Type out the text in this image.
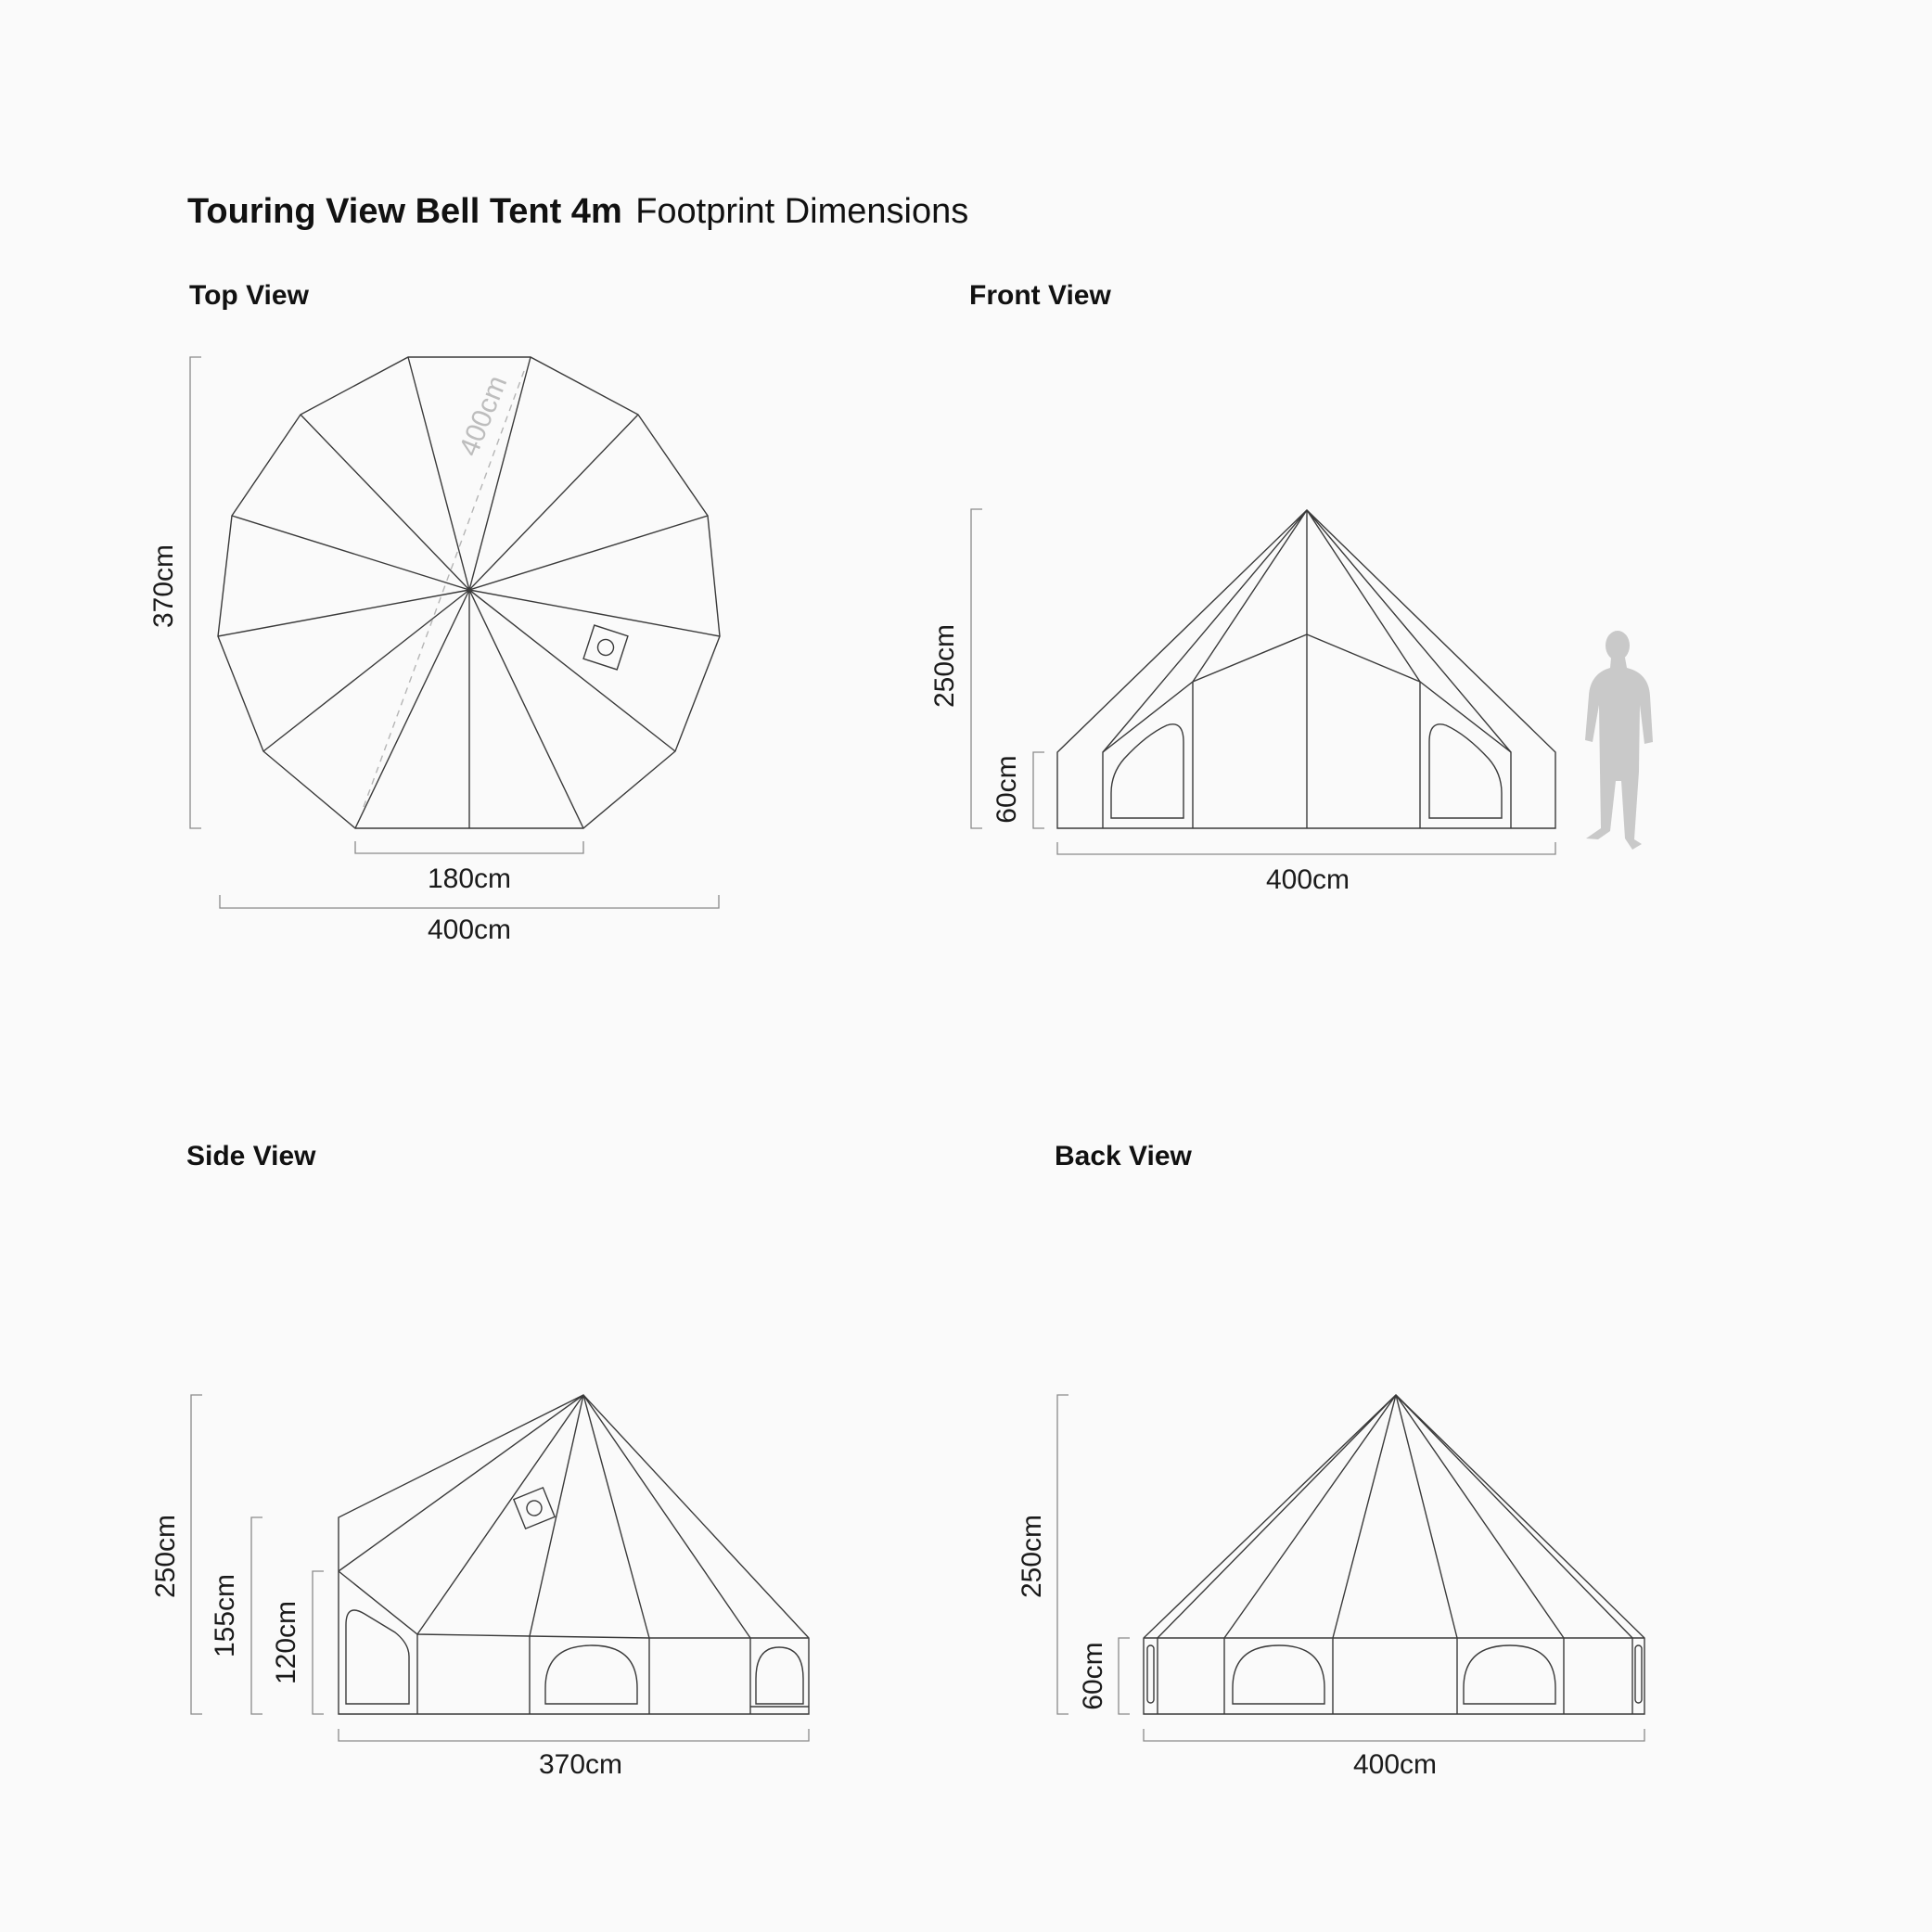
Touring View Bell Tent 4m Footprint Dimensions
Top View
400cm
370cm
180cm
400cm
Front View
250cm
60cm
400cm
Side View
250cm
155cm 120cm
370cm
Back View
250cm
60cm
400cm
